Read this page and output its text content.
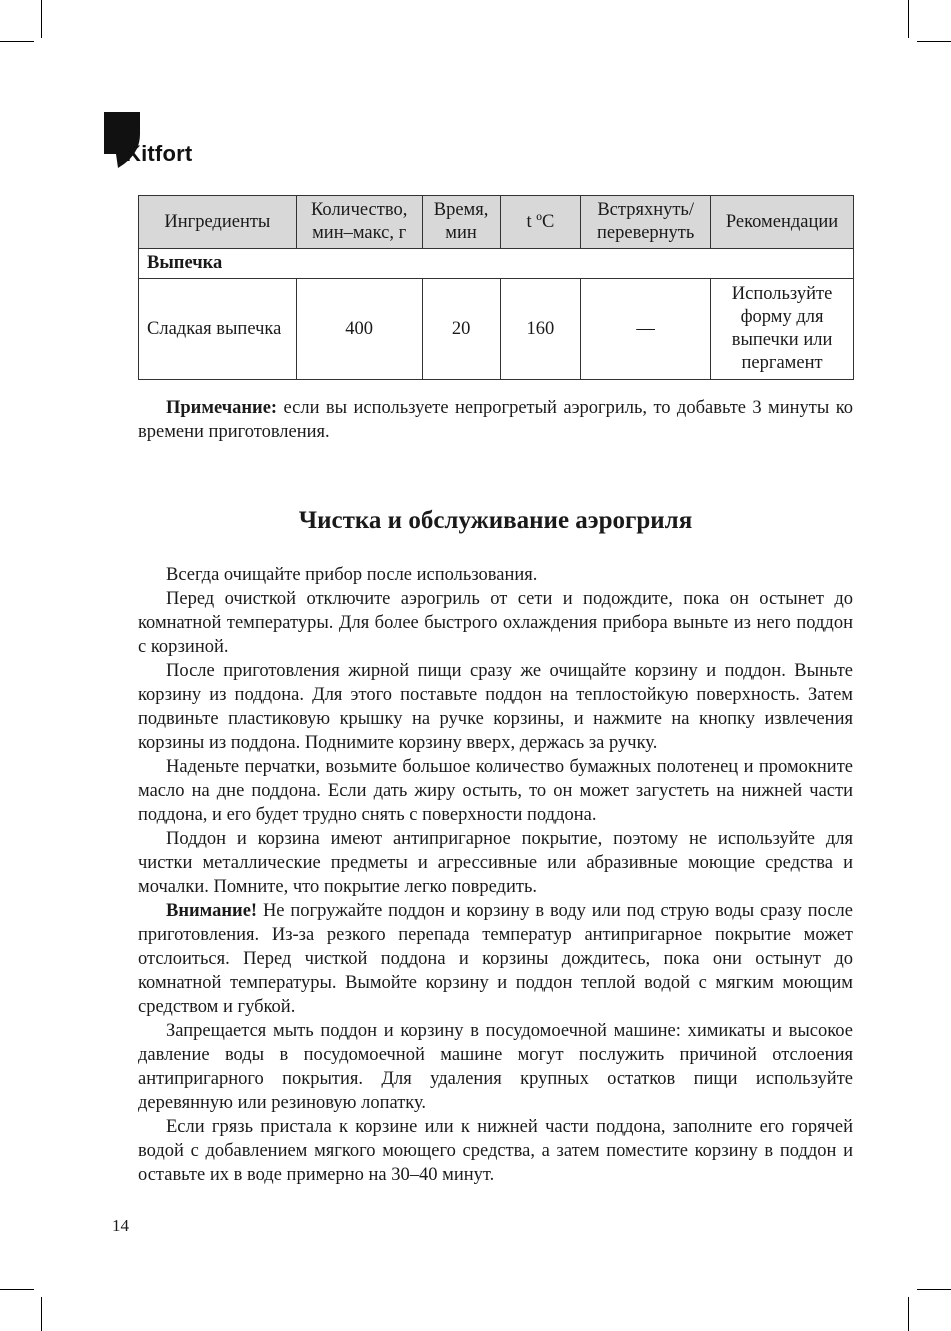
Kitfort
Ингредиенты	Количество, мин–макс, г	Время, мин	t ºC	Встряхнуть/ перевернуть	Рекомендации
Выпечка					
Сладкая выпечка	400	20	160	—	Используйте форму для выпечки или пергамент

Примечание: если вы используете непрогретый аэрогриль, то добавьте 3 минуты ко времени приготовления.

Чистка и обслуживание аэрогриля

Всегда очищайте прибор после использования.

Перед очисткой отключите аэрогриль от сети и подождите, пока он остынет до комнатной температуры. Для более быстрого охлаждения прибора выньте из него поддон с корзиной.

После приготовления жирной пищи сразу же очищайте корзину и поддон. Выньте корзину из поддона. Для этого поставьте поддон на теплостойкую поверхность. Затем подвиньте пластиковую крышку на ручке корзины, и нажмите на кнопку извлечения корзины из поддона. Поднимите корзину вверх, держась за ручку.

Наденьте перчатки, возьмите большое количество бумажных полотенец и промокните масло на дне поддона. Если дать жиру остыть, то он может загустеть на нижней части поддона, и его будет трудно снять с поверхности поддона.

Поддон и корзина имеют антипригарное покрытие, поэтому не используйте для чистки металлические предметы и агрессивные или абразивные моющие средства и мочалки. Помните, что покрытие легко повредить.

Внимание! Не погружайте поддон и корзину в воду или под струю воды сразу после приготовления. Из-за резкого перепада температур антипригарное покрытие может отслоиться. Перед чисткой поддона и корзины дождитесь, пока они остынут до комнатной температуры. Вымойте корзину и поддон теплой водой с мягким моющим средством и губкой.

Запрещается мыть поддон и корзину в посудомоечной машине: химикаты и высокое давление воды в посудомоечной машине могут послужить причиной отслоения антипригарного покрытия. Для удаления крупных остатков пищи используйте деревянную или резиновую лопатку.

Если грязь пристала к корзине или к нижней части поддона, заполните его горячей водой с добавлением мягкого моющего средства, а затем поместите корзину в поддон и оставьте их в воде примерно на 30–40 минут.

14
